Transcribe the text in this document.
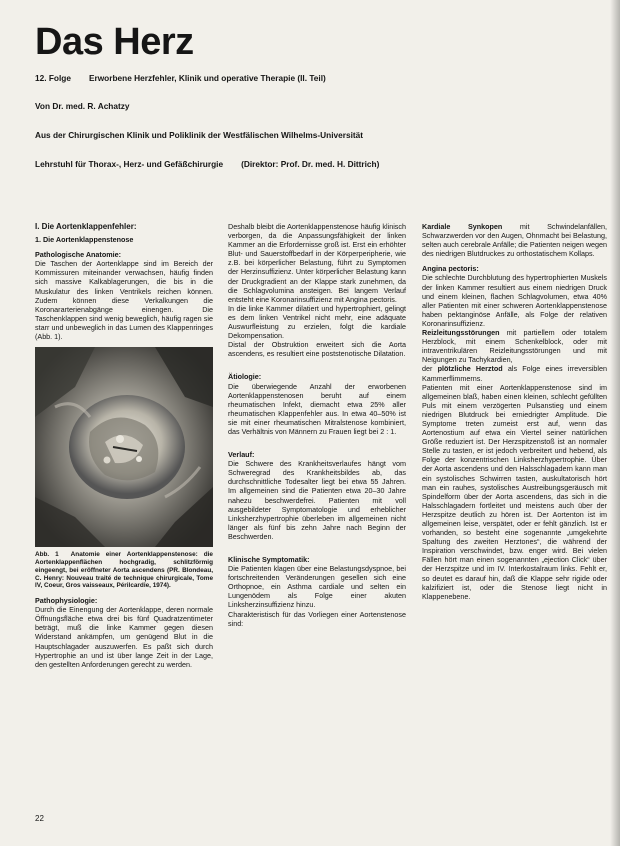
Das Herz
12. Folge Erworbene Herzfehler, Klinik und operative Therapie (II. Teil)
Von Dr. med. R. Achatzy
Aus der Chirurgischen Klinik und Poliklinik der Westfälischen Wilhelms-Universität
Lehrstuhl für Thorax-, Herz- und Gefäßchirurgie (Direktor: Prof. Dr. med. H. Dittrich)

I. Die Aortenklappenfehler:

1. Die Aortenklappenstenose

Pathologische Anatomie:

Die Taschen der Aortenklappe sind im Bereich der Kommissuren miteinander verwachsen, häufig finden sich massive Kalkablagerungen, die bis in die Muskulatur des linken Ventrikels reichen können. Zudem können diese Verkalkungen die Koronararterienabgänge einengen. Die Taschenklappen sind wenig beweglich, häufig ragen sie starr und unbeweglich in das Lumen des Klappenringes (Abb. 1).

Abb. 1 Anatomie einer Aortenklappenstenose: die Aortenklappenflächen hochgradig, schlitzförmig eingeengt, bei eröffneter Aorta ascendens (PR. Blondeau, C. Henry: Nouveau traité de technique chirurgicale, Tome IV, Coeur, Gros vaisseaux, Périlcardie, 1974).

Pathophysiologie:

Durch die Einengung der Aortenklappe, deren normale Öffnungsfläche etwa drei bis fünf Quadratzentimeter beträgt, muß die linke Kammer gegen diesen Widerstand ankämpfen, um genügend Blut in die Hauptschlagader auszuwerfen. Es paßt sich durch Hypertrophie an und ist über lange Zeit in der Lage, den gestellten Anforderungen gerecht zu werden.

Deshalb bleibt die Aortenklappenstenose häufig klinisch verborgen, da die Anpassungsfähigkeit der linken Kammer an die Erfordernisse groß ist. Erst ein erhöhter Blut- und Sauerstoffbedarf in der Körperperipherie, wie z.B. bei körperlicher Belastung, führt zu Symptomen der Herzinsuffizienz. Unter körperlicher Belastung kann der Druckgradient an der Klappe stark zunehmen, da die Schlagvolumina ansteigen. Bei langem Verlauf entsteht eine Koronarinsuffizienz mit Angina pectoris.

In die linke Kammer dilatiert und hypertrophiert, gelingt es dem linken Ventrikel nicht mehr, eine adäquate Auswurfleistung zu erzielen, folgt die kardiale Dekompensation.

Distal der Obstruktion erweitert sich die Aorta ascendens, es resultiert eine poststenotische Dilatation.

Ätiologie:

Die überwiegende Anzahl der erworbenen Aortenklappenstenosen beruht auf einem rheumatischen Infekt, diemacht etwa 25% aller rheumatischen Klappenfehler aus. In etwa 40–50% ist sie mit einer rheumatischen Mitralstenose kombiniert, das Verhältnis von Männern zu Frauen liegt bei 2 : 1.

Verlauf:

Die Schwere des Krankheitsverlaufes hängt vom Schweregrad des Krankheitsbildes ab, das durchschnittliche Todesalter liegt bei etwa 55 Jahren. Im allgemeinen sind die Patienten etwa 20–30 Jahre nahezu beschwerdefrei. Patienten mit voll ausgebildeter Symptomatologie und erheblicher Linksherzhypertrophie überleben im allgemeinen nicht länger als fünf bis zehn Jahre nach Beginn der Beschwerden.

Klinische Symptomatik:

Die Patienten klagen über eine Belastungsdyspnoe, bei fortschreitenden Veränderungen gesellen sich eine Orthopnoe, ein Asthma cardiale und selten ein Lungenödem als Folge einer akuten Linksherzinsuffizienz hinzu.

Charakteristisch für das Vorliegen einer Aortenstenose sind:

Kardiale Synkopen mit Schwindelanfällen, Schwarzwerden vor den Augen, Ohnmacht bei Belastung, selten auch cerebrale Anfälle; die Patienten neigen wegen des niedrigen Blutdruckes zu orthostatischem Kollaps.

Angina pectoris:

Die schlechte Durchblutung des hypertrophierten Muskels der linken Kammer resultiert aus einem niedrigen Druck und einem kleinen, flachen Schlagvolumen, etwa 40% aller Patienten mit einer schweren Aortenklappenstenose haben pektanginöse Anfälle, als Folge der relativen Koronarinsuffizienz.

Reizleitungsstörungen mit partiellem oder totalem Herzblock, mit einem Schenkelblock, oder mit intraventrikulären Reizleitungsstörungen und mit Neigungen zu Tachykardien,

der plötzliche Herztod als Folge eines irreversiblen Kammerflimmerns.

Patienten mit einer Aortenklappenstenose sind im allgemeinen blaß, haben einen kleinen, schlecht gefüllten Puls mit einem verzögerten Pulsanstieg und einem niedrigen Blutdruck bei erniedrigter Amplitude. Die Symptome treten zumeist erst auf, wenn das Aortenostium auf etwa ein Viertel seiner natürlichen Größe reduziert ist. Der Herzspitzenstoß ist an normaler Stelle zu tasten, er ist jedoch verbreitert und hebend, als Folge der konzentrischen Linksherzhypertrophie. Über der Aorta ascendens und den Halsschlagadern kann man ein systolisches Schwirren tasten, auskultatorisch hört man ein rauhes, systolisches Austreibungsgeräusch mit Spindelform über der Aorta ascendens, das sich in die Halsschlagadern fortleitet und meistens auch über der Herzspitze deutlich zu hören ist. Der Aortenton ist im allgemeinen leise, verspätet, oder er fehlt gänzlich. Ist er vorhanden, so besteht eine sogenannte „umgekehrte Spaltung des zweiten Herztones“, die während der Inspiration verschwindet, bzw. enger wird. Bei vielen Fällen hört man einen sogenannten „ejection Click“ über der Herzspitze und im IV. Interkostalraum links. Fehlt er, so deutet es darauf hin, daß die Klappe sehr rigide oder kalzifiziert ist, oder die Stenose liegt nicht in Klappenebene.

22
